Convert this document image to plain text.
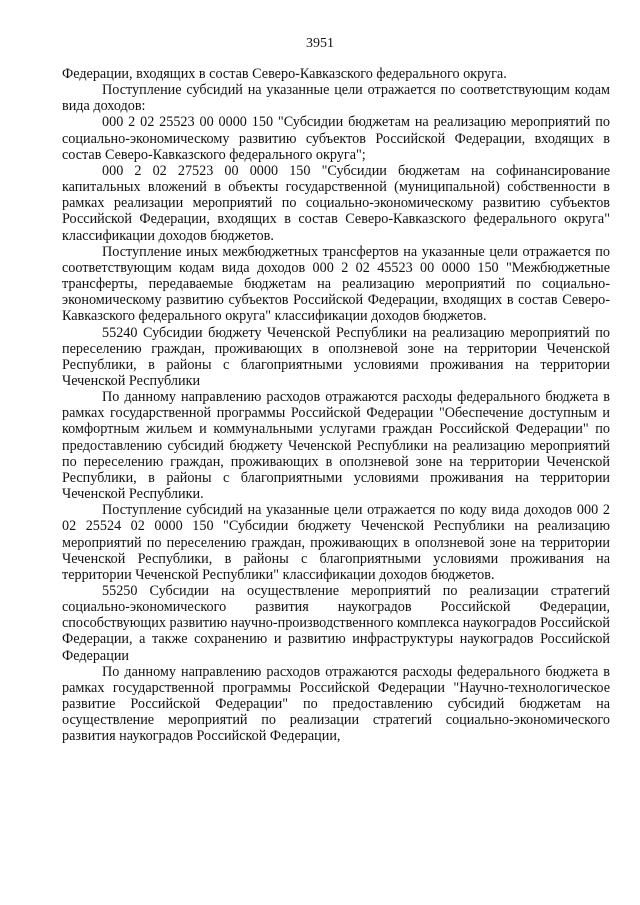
3951

Федерации, входящих в состав Северо-Кавказского федерального округа.

Поступление субсидий на указанные цели отражается по соответствующим кодам вида доходов:

000 2 02 25523 00 0000 150 "Субсидии бюджетам на реализацию мероприятий по социально-экономическому развитию субъектов Российской Федерации, входящих в состав Северо-Кавказского федерального округа";

000 2 02 27523 00 0000 150 "Субсидии бюджетам на софинансирование капитальных вложений в объекты государственной (муниципальной) собственности в рамках реализации мероприятий по социально-экономическому развитию субъектов Российской Федерации, входящих в состав Северо-Кавказского федерального округа" классификации доходов бюджетов.

Поступление иных межбюджетных трансфертов на указанные цели отражается по соответствующим кодам вида доходов 000 2 02 45523 00 0000 150 "Межбюджетные трансферты, передаваемые бюджетам на реализацию мероприятий по социально-экономическому развитию субъектов Российской Федерации, входящих в состав Северо-Кавказского федерального округа" классификации доходов бюджетов.

55240 Субсидии бюджету Чеченской Республики на реализацию мероприятий по переселению граждан, проживающих в оползневой зоне на территории Чеченской Республики, в районы с благоприятными условиями проживания на территории Чеченской Республики

По данному направлению расходов отражаются расходы федерального бюджета в рамках государственной программы Российской Федерации "Обеспечение доступным и комфортным жильем и коммунальными услугами граждан Российской Федерации" по предоставлению субсидий бюджету Чеченской Республики на реализацию мероприятий по переселению граждан, проживающих в оползневой зоне на территории Чеченской Республики, в районы с благоприятными условиями проживания на территории Чеченской Республики.

Поступление субсидий на указанные цели отражается по коду вида доходов 000 2 02 25524 02 0000 150 "Субсидии бюджету Чеченской Республики на реализацию мероприятий по переселению граждан, проживающих в оползневой зоне на территории Чеченской Республики, в районы с благоприятными условиями проживания на территории Чеченской Республики" классификации доходов бюджетов.

55250 Субсидии на осуществление мероприятий по реализации стратегий социально-экономического развития наукоградов Российской Федерации, способствующих развитию научно-производственного комплекса наукоградов Российской Федерации, а также сохранению и развитию инфраструктуры наукоградов Российской Федерации

По данному направлению расходов отражаются расходы федерального бюджета в рамках государственной программы Российской Федерации "Научно-технологическое развитие Российской Федерации" по предоставлению субсидий бюджетам на осуществление мероприятий по реализации стратегий социально-экономического развития наукоградов Российской Федерации,
